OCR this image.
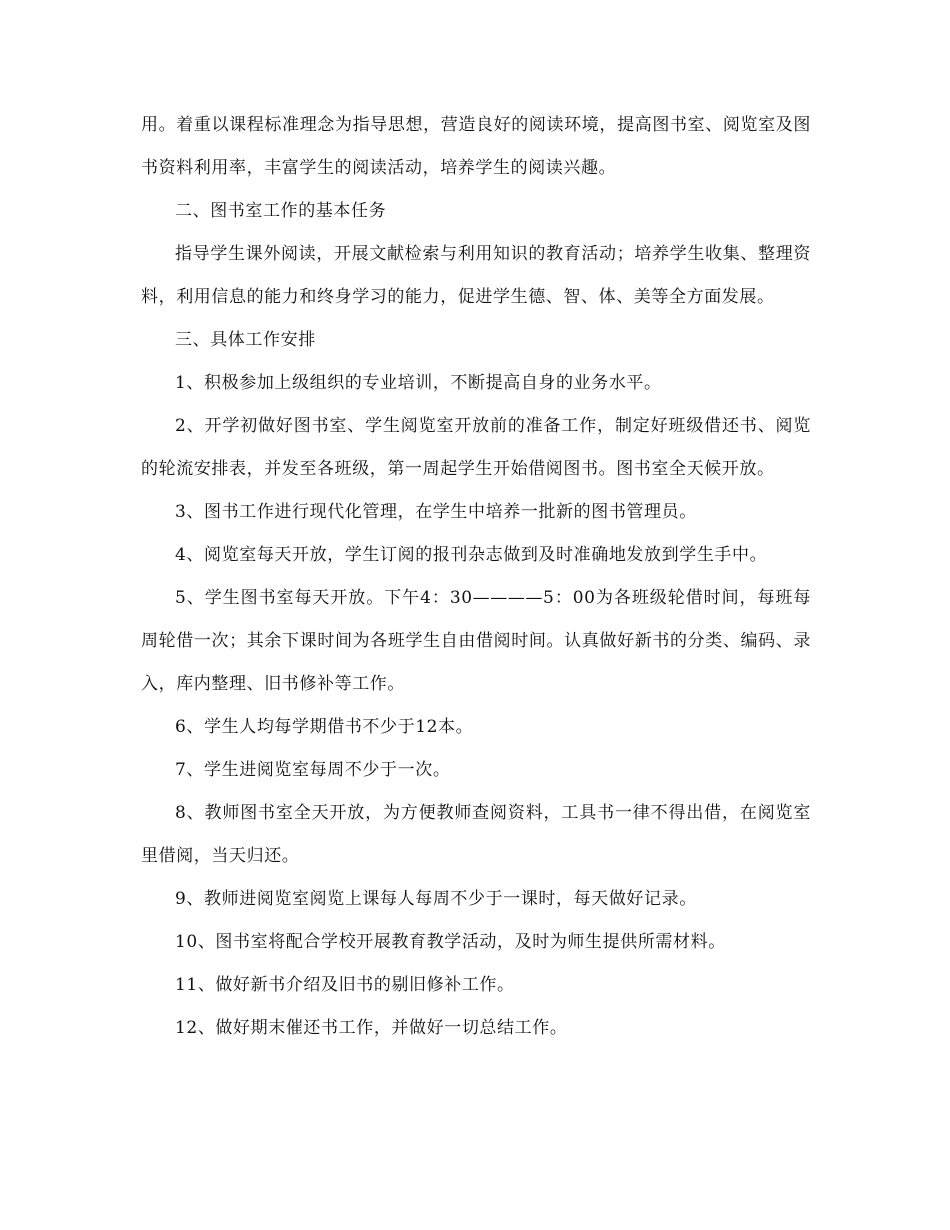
用。着重以课程标准理念为指导思想，营造良好的阅读环境，提高图书室、阅览室及图书资料利用率，丰富学生的阅读活动，培养学生的阅读兴趣。

二、图书室工作的基本任务

指导学生课外阅读，开展文献检索与利用知识的教育活动；培养学生收集、整理资料，利用信息的能力和终身学习的能力，促进学生德、智、体、美等全方面发展。

三、具体工作安排

1、积极参加上级组织的专业培训，不断提高自身的业务水平。

2、开学初做好图书室、学生阅览室开放前的准备工作，制定好班级借还书、阅览的轮流安排表，并发至各班级，第一周起学生开始借阅图书。图书室全天候开放。

3、图书工作进行现代化管理，在学生中培养一批新的图书管理员。

4、阅览室每天开放，学生订阅的报刊杂志做到及时准确地发放到学生手中。

5、学生图书室每天开放。下午4：30————5：00为各班级轮借时间，每班每周轮借一次；其余下课时间为各班学生自由借阅时间。认真做好新书的分类、编码、录入，库内整理、旧书修补等工作。

6、学生人均每学期借书不少于12本。

7、学生进阅览室每周不少于一次。

8、教师图书室全天开放，为方便教师查阅资料，工具书一律不得出借，在阅览室里借阅，当天归还。

9、教师进阅览室阅览上课每人每周不少于一课时，每天做好记录。

10、图书室将配合学校开展教育教学活动，及时为师生提供所需材料。

11、做好新书介绍及旧书的剔旧修补工作。

12、做好期末催还书工作，并做好一切总结工作。
